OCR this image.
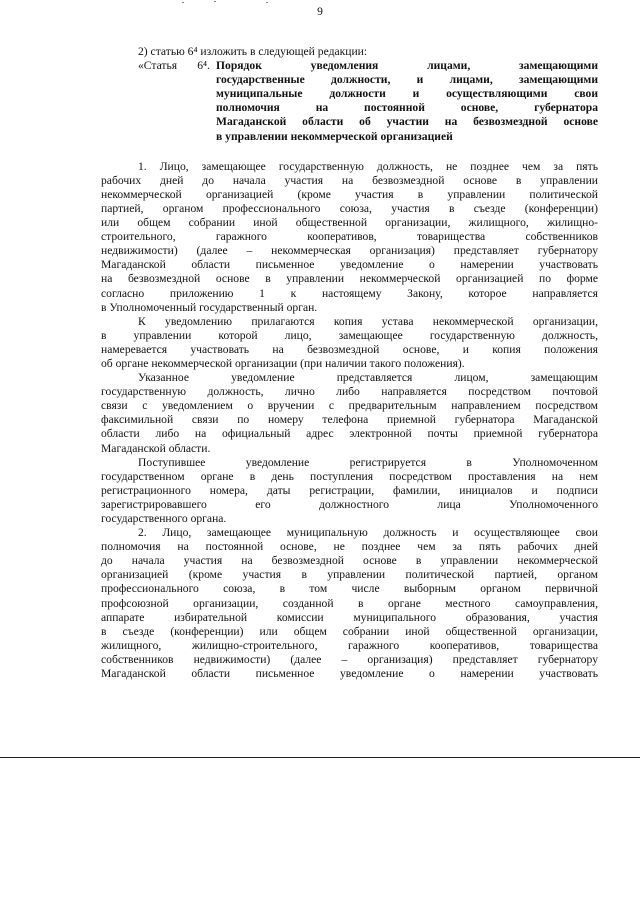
9
2) статью 6⁴ изложить в следующей редакции:
«Статья 6⁴. Порядок уведомления лицами, замещающими
государственные должности, и лицами, замещающими
муниципальные должности и осуществляющими свои
полномочия на постоянной основе, губернатора
Магаданской области об участии на безвозмездной основе
в управлении некоммерческой организацией
1. Лицо, замещающее государственную должность, не позднее чем за пять
рабочих дней до начала участия на безвозмездной основе в управлении
некоммерческой организацией (кроме участия в управлении политической
партией, органом профессионального союза, участия в съезде (конференции)
или общем собрании иной общественной организации, жилищного, жилищно-
строительного, гаражного кооперативов, товарищества собственников
недвижимости) (далее – некоммерческая организация) представляет губернатору
Магаданской области письменное уведомление о намерении участвовать
на безвозмездной основе в управлении некоммерческой организацией по форме
согласно приложению 1 к настоящему Закону, которое направляется
в Уполномоченный государственный орган.
К уведомлению прилагаются копия устава некоммерческой организации,
в управлении которой лицо, замещающее государственную должность,
намеревается участвовать на безвозмездной основе, и копия положения
об органе некоммерческой организации (при наличии такого положения).
Указанное уведомление представляется лицом, замещающим
государственную должность, лично либо направляется посредством почтовой
связи с уведомлением о вручении с предварительным направлением посредством
факсимильной связи по номеру телефона приемной губернатора Магаданской
области либо на официальный адрес электронной почты приемной губернатора
Магаданской области.
Поступившее уведомление регистрируется в Уполномоченном
государственном органе в день поступления посредством проставления на нем
регистрационного номера, даты регистрации, фамилии, инициалов и подписи
зарегистрировавшего его должностного лица Уполномоченного
государственного органа.
2. Лицо, замещающее муниципальную должность и осуществляющее свои
полномочия на постоянной основе, не позднее чем за пять рабочих дней
до начала участия на безвозмездной основе в управлении некоммерческой
организацией (кроме участия в управлении политической партией, органом
профессионального союза, в том числе выборным органом первичной
профсоюзной организации, созданной в органе местного самоуправления,
аппарате избирательной комиссии муниципального образования, участия
в съезде (конференции) или общем собрании иной общественной организации,
жилищного, жилищно-строительного, гаражного кооперативов, товарищества
собственников недвижимости) (далее – организация) представляет губернатору
Магаданской области письменное уведомление о намерении участвовать
